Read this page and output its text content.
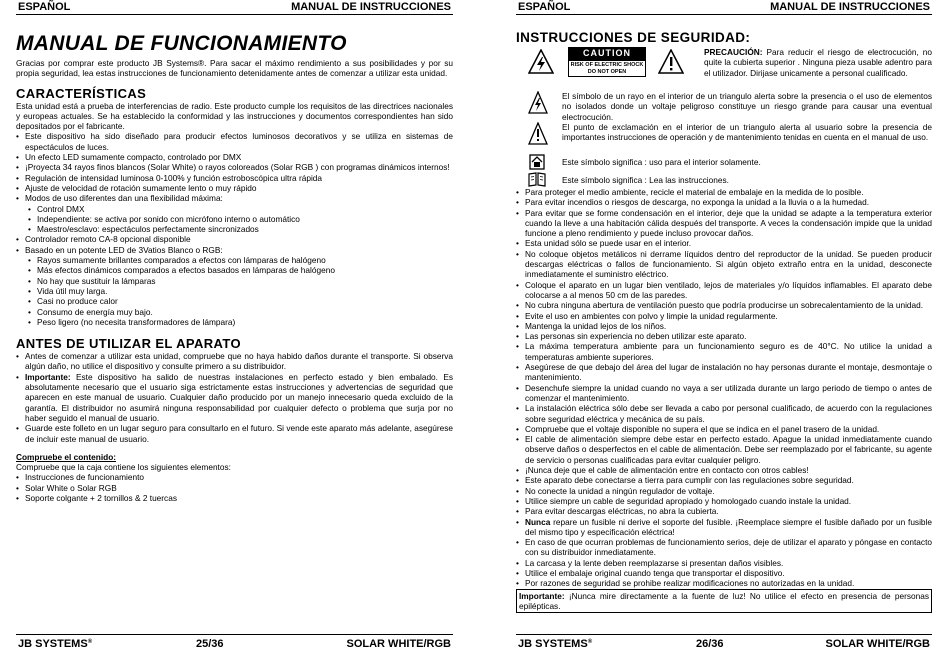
ESPAÑOL	MANUAL DE INSTRUCCIONES
MANUAL DE FUNCIONAMIENTO

Gracias por comprar este producto JB Systems®. Para sacar el máximo rendimiento a sus posibilidades y por su propia seguridad, lea estas instrucciones de funcionamiento detenidamente antes de comenzar a utilizar esta unidad.

CARACTERÍSTICAS

Esta unidad está a prueba de interferencias de radio. Este producto cumple los requisitos de las directrices nacionales y europeas actuales. Se ha establecido la conformidad y las instrucciones y documentos correspondientes han sido depositados por el fabricante.

• Este dispositivo ha sido diseñado para producir efectos luminosos decorativos y se utiliza en sistemas de espectáculos de luces.
• Un efecto LED sumamente compacto, controlado por DMX
• ¡Proyecta 34 rayos finos blancos (Solar White) o rayos coloreados (Solar RGB ) con programas dinámicos internos!
• Regulación de intensidad luminosa 0-100% y función estroboscópica ultra rápida
• Ajuste de velocidad de rotación sumamente lento o muy rápido
• Modos de uso diferentes dan una flexibilidad máxima:
• Control DMX
• Independiente: se activa por sonido con micrófono interno o automático
• Maestro/esclavo: espectáculos perfectamente sincronizados
• Controlador remoto CA-8 opcional disponible
• Basado en un potente LED de 3Vatios Blanco o RGB:
• Rayos sumamente brillantes comparados a efectos con lámparas de halógeno
• Más efectos dinámicos comparados a efectos basados en lámparas de halógeno
• No hay que sustituir la lámparas
• Vida útil muy larga.
• Casi no produce calor
• Consumo de energía muy bajo.
• Peso ligero (no necesita transformadores de lámpara)
ANTES DE UTILIZAR EL APARATO
• Antes de comenzar a utilizar esta unidad, compruebe que no haya habido daños durante el transporte. Si observa algún daño, no utilice el dispositivo y consulte primero a su distribuidor.
• Importante: Este dispositivo ha salido de nuestras instalaciones en perfecto estado y bien embalado. Es absolutamente necesario que el usuario siga estrictamente estas instrucciones y advertencias de seguridad que aparecen en este manual de usuario. Cualquier daño producido por un manejo innecesario queda excluido de la garantía. El distribuidor no asumirá ninguna responsabilidad por cualquier defecto o problema que surja por no haber seguido el manual de usuario.
• Guarde este folleto en un lugar seguro para consultarlo en el futuro. Si vende este aparato más adelante, asegúrese de incluir este manual de usuario.

Compruebe el contenido:

Compruebe que la caja contiene los siguientes elementos:

• Instrucciones de funcionamiento
• Solar White o Solar RGB
• Soporte colgante + 2 tornillos & 2 tuercas
JB SYSTEMS®	25/36	SOLAR WHITE/RGB
ESPAÑOL	MANUAL DE INSTRUCCIONES
INSTRUCCIONES DE SEGURIDAD:
CAUTION
RISK OF ELECTRIC SHOCK
DO NOT OPEN

PRECAUCIÓN: Para reducir el riesgo de electrocución, no quite la cubierta superior . Ninguna pieza usable adentro para el utilizador. Dirijase unicamente a personal cualificado.

El símbolo de un rayo en el interior de un triangulo alerta sobre la presencia o el uso de elementos no isolados donde un voltaje peligroso constituye un riesgo grande para causar una eventual electrocución.
El punto de exclamación en el interior de un triangulo alerta al usuario sobre la presencia de importantes instrucciones de operación y de mantenimiento tenidas en cuenta en el manual de uso.
Este símbolo significa : uso para el interior solamente.
Este símbolo significa : Lea las instrucciones.
• Para proteger el medio ambiente, recicle el material de embalaje en la medida de lo posible.
• Para evitar incendios o riesgos de descarga, no exponga la unidad a la lluvia o a la humedad.
• Para evitar que se forme condensación en el interior, deje que la unidad se adapte a la temperatura exterior cuando la lleve a una habitación cálida después del transporte. A veces la condensación impide que la unidad funcione a pleno rendimiento y puede incluso provocar daños.
• Esta unidad sólo se puede usar en el interior.
• No coloque objetos metálicos ni derrame líquidos dentro del reproductor de la unidad. Se pueden producir descargas eléctricas o fallos de funcionamiento. Si algún objeto extraño entra en la unidad, desconecte inmediatamente el suministro eléctrico.
• Coloque el aparato en un lugar bien ventilado, lejos de materiales y/o líquidos inflamables. El aparato debe colocarse a al menos 50 cm de las paredes.
• No cubra ninguna abertura de ventilación puesto que podría producirse un sobrecalentamiento de la unidad.
• Evite el uso en ambientes con polvo y limpie la unidad regularmente.
• Mantenga la unidad lejos de los niños.
• Las personas sin experiencia no deben utilizar este aparato.
• La máxima temperatura ambiente para un funcionamiento seguro es de 40°C. No utilice la unidad a temperaturas ambiente superiores.
• Asegúrese de que debajo del área del lugar de instalación no hay personas durante el montaje, desmontaje o mantenimiento.
• Desenchufe siempre la unidad cuando no vaya a ser utilizada durante un largo periodo de tiempo o antes de comenzar el mantenimiento.
• La instalación eléctrica sólo debe ser llevada a cabo por personal cualificado, de acuerdo con la regulaciones sobre seguridad eléctrica y mecánica de su país.
• Compruebe que el voltaje disponible no supera el que se indica en el panel trasero de la unidad.
• El cable de alimentación siempre debe estar en perfecto estado. Apague la unidad inmediatamente cuando observe daños o desperfectos en el cable de alimentación. Debe ser reemplazado por el fabricante, su agente de servicio o personas cualificadas para evitar cualquier peligro.
• ¡Nunca deje que el cable de alimentación entre en contacto con otros cables!
• Este aparato debe conectarse a tierra para cumplir con las regulaciones sobre seguridad.
• No conecte la unidad a ningún regulador de voltaje.
• Utilice siempre un cable de seguridad apropiado y homologado cuando instale la unidad.
• Para evitar descargas eléctricas, no abra la cubierta.
• Nunca repare un fusible ni derive el soporte del fusible. ¡Reemplace siempre el fusible dañado por un fusible del mismo tipo y especificación eléctrica!
• En caso de que ocurran problemas de funcionamiento serios, deje de utilizar el aparato y póngase en contacto con su distribuidor inmediatamente.
• La carcasa y la lente deben reemplazarse si presentan daños visibles.
• Utilice el embalaje original cuando tenga que transportar el dispositivo.
• Por razones de seguridad se prohibe realizar modificaciones no autorizadas en la unidad.
Importante: ¡Nunca mire directamente a la fuente de luz! No utilice el efecto en presencia de personas epilépticas.
JB SYSTEMS®	26/36	SOLAR WHITE/RGB
